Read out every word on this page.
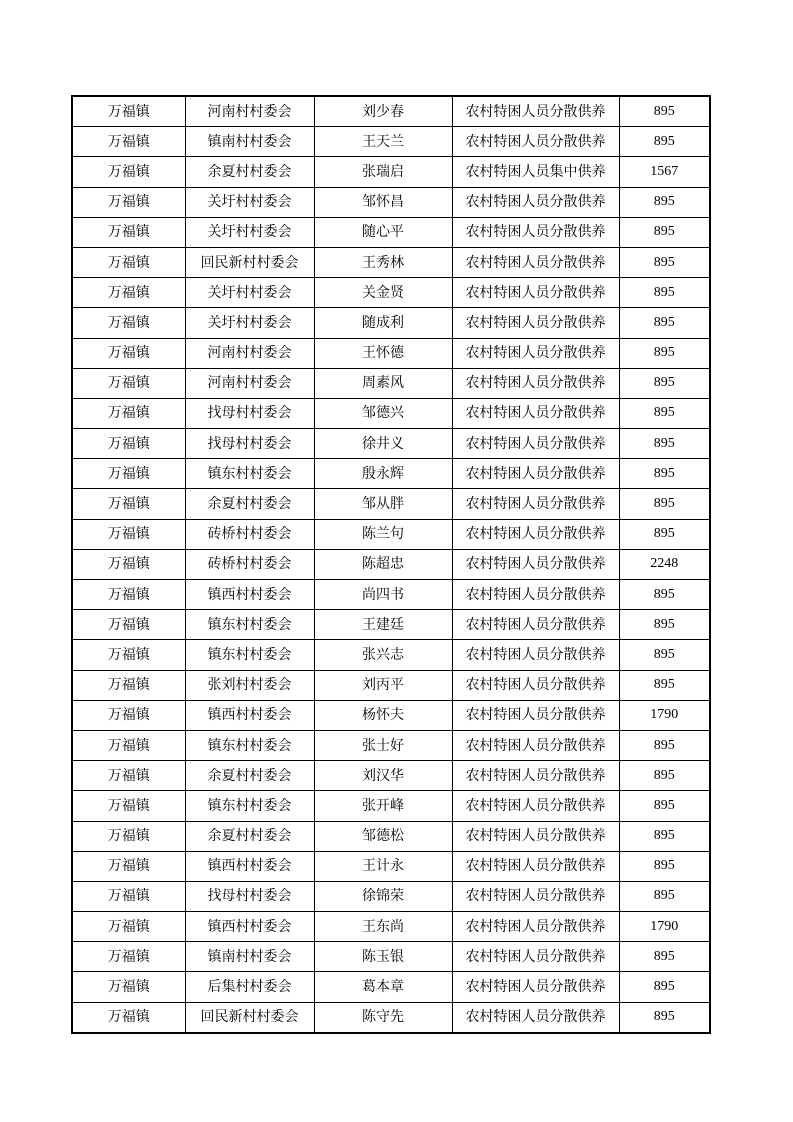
万福镇	河南村村委会	刘少春	农村特困人员分散供养	895
万福镇	镇南村村委会	王天兰	农村特困人员分散供养	895
万福镇	余夏村村委会	张瑞启	农村特困人员集中供养	1567
万福镇	关圩村村委会	邹怀昌	农村特困人员分散供养	895
万福镇	关圩村村委会	随心平	农村特困人员分散供养	895
万福镇	回民新村村委会	王秀林	农村特困人员分散供养	895
万福镇	关圩村村委会	关金贤	农村特困人员分散供养	895
万福镇	关圩村村委会	随成利	农村特困人员分散供养	895
万福镇	河南村村委会	王怀德	农村特困人员分散供养	895
万福镇	河南村村委会	周素风	农村特困人员分散供养	895
万福镇	找母村村委会	邹德兴	农村特困人员分散供养	895
万福镇	找母村村委会	徐井义	农村特困人员分散供养	895
万福镇	镇东村村委会	殷永辉	农村特困人员分散供养	895
万福镇	余夏村村委会	邹从胖	农村特困人员分散供养	895
万福镇	砖桥村村委会	陈兰句	农村特困人员分散供养	895
万福镇	砖桥村村委会	陈超忠	农村特困人员分散供养	2248
万福镇	镇西村村委会	尚四书	农村特困人员分散供养	895
万福镇	镇东村村委会	王建廷	农村特困人员分散供养	895
万福镇	镇东村村委会	张兴志	农村特困人员分散供养	895
万福镇	张刘村村委会	刘丙平	农村特困人员分散供养	895
万福镇	镇西村村委会	杨怀夫	农村特困人员分散供养	1790
万福镇	镇东村村委会	张士好	农村特困人员分散供养	895
万福镇	余夏村村委会	刘汉华	农村特困人员分散供养	895
万福镇	镇东村村委会	张开峰	农村特困人员分散供养	895
万福镇	余夏村村委会	邹德松	农村特困人员分散供养	895
万福镇	镇西村村委会	王计永	农村特困人员分散供养	895
万福镇	找母村村委会	徐锦荣	农村特困人员分散供养	895
万福镇	镇西村村委会	王东尚	农村特困人员分散供养	1790
万福镇	镇南村村委会	陈玉银	农村特困人员分散供养	895
万福镇	后集村村委会	葛本章	农村特困人员分散供养	895
万福镇	回民新村村委会	陈守先	农村特困人员分散供养	895
